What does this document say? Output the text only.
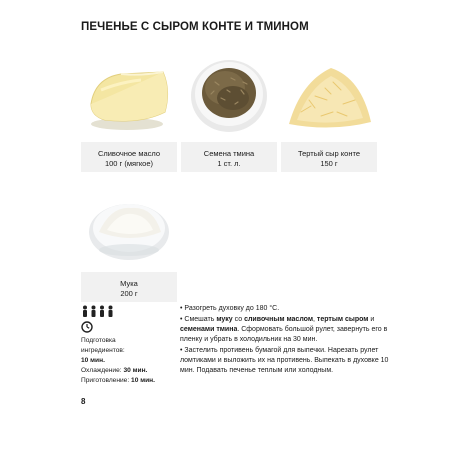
ПЕЧЕНЬЕ С СЫРОМ КОНТЕ И ТМИНОМ
Сливочное масло
100 г (мягкое)
Семена тмина
1 ст. л.
Тертый сыр конте
150 г
Мука
200 г
Подготовка ингредиентов:
10 мин.
Охлаждение: 30 мин.
Приготовление: 10 мин.
• Разогреть духовку до 180 °C.
• Смешать муку со сливочным маслом, тертым сыром и семенами тмина. Сформовать большой рулет, завернуть его в пленку и убрать в холодильник на 30 мин.
• Застелить противень бумагой для выпечки. Нарезать рулет ломтиками и выложить их на противень. Выпекать в духовке 10 мин. Подавать печенье теплым или холодным.
8
